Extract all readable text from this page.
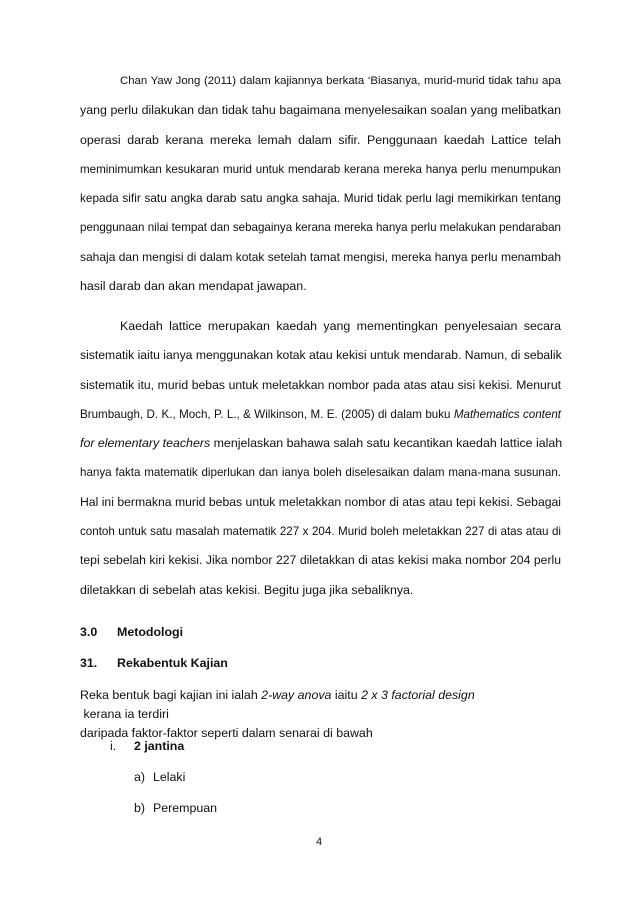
Chan Yaw Jong (2011) dalam kajiannya berkata ‘Biasanya, murid-murid tidak tahu apa
yang perlu dilakukan dan tidak tahu bagaimana menyelesaikan soalan yang melibatkan
operasi darab kerana mereka lemah dalam sifir. Penggunaan kaedah Lattice telah
meminimumkan kesukaran murid untuk mendarab kerana mereka hanya perlu menumpukan
kepada sifir satu angka darab satu angka sahaja. Murid tidak perlu lagi memikirkan tentang
penggunaan nilai tempat dan sebagainya kerana mereka hanya perlu melakukan pendaraban
sahaja dan mengisi di dalam kotak setelah tamat mengisi, mereka hanya perlu menambah
hasil darab dan akan mendapat jawapan.
Kaedah lattice merupakan kaedah yang mementingkan penyelesaian secara
sistematik iaitu ianya menggunakan kotak atau kekisi untuk mendarab. Namun, di sebalik
sistematik itu, murid bebas untuk meletakkan nombor pada atas atau sisi kekisi. Menurut
Brumbaugh, D. K., Moch, P. L., & Wilkinson, M. E. (2005) di dalam buku Mathematics content
for elementary teachers menjelaskan bahawa salah satu kecantikan kaedah lattice ialah
hanya fakta matematik diperlukan dan ianya boleh diselesaikan dalam mana-mana susunan.
Hal ini bermakna murid bebas untuk meletakkan nombor di atas atau tepi kekisi. Sebagai
contoh untuk satu masalah matematik 227 x 204. Murid boleh meletakkan 227 di atas atau di
tepi sebelah kiri kekisi. Jika nombor 227 diletakkan di atas kekisi maka nombor 204 perlu
diletakkan di sebelah atas kekisi. Begitu juga jika sebaliknya.
3.0 Metodologi
31. Rekabentuk Kajian
Reka bentuk bagi kajian ini ialah 2-way anova iaitu 2 x 3 factorial design kerana ia terdiri
daripada faktor-faktor seperti dalam senarai di bawah
i. 2 jantina
a) Lelaki
b) Perempuan
4
